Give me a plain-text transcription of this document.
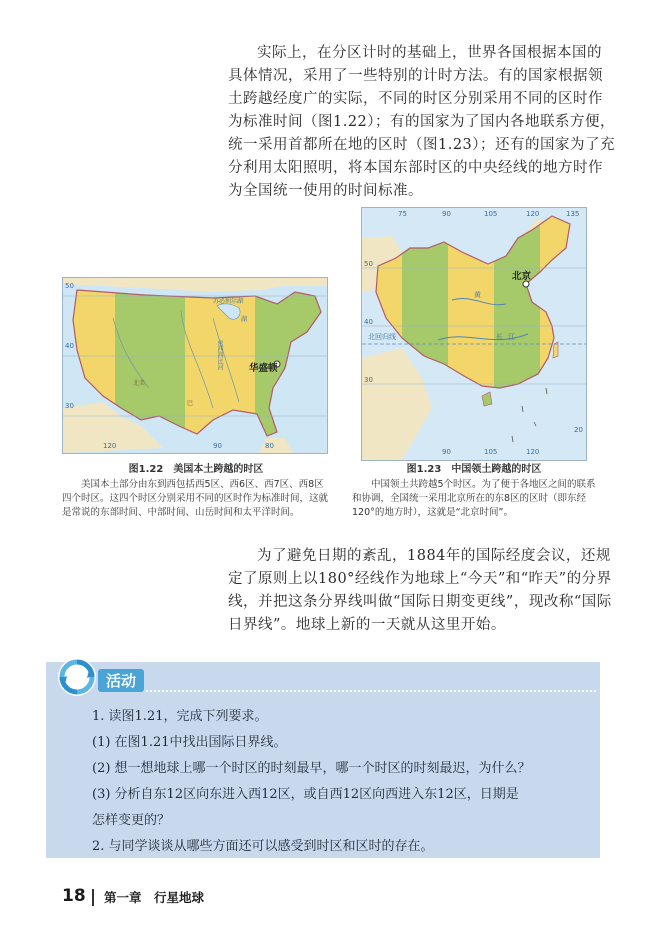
实际上，在分区计时的基础上，世界各国根据本国的具体情况，采用了一些特别的计时方法。有的国家根据领土跨越经度广的实际，不同的时区分别采用不同的区时作为标准时间（图1.22）；有的国家为了国内各地联系方便，统一采用首都所在地的区时（图1.23）；还有的国家为了充分利用太阳照明，将本国东部时区的中央经线的地方时作为全国统一使用的时间标准。

华盛顿
50
40
30
120	90	80
苏必利尔湖
密西西比河
湖
北美
巴
北京
北回归线
75	90	105	120	135
90	105	120
50
40
30
20
黄
长 江

图1.22　美国本土跨越的时区
美国本土部分由东到西包括西5区、西6区、西7区、西8区四个时区。这四个时区分别采用不同的区时作为标准时间，这就是常说的东部时间、中部时间、山岳时间和太平洋时间。

图1.23　中国领土跨越的时区
中国领土共跨越5个时区。为了便于各地区之间的联系和协调，全国统一采用北京所在的东8区的区时（即东经120°的地方时），这就是“北京时间”。

为了避免日期的紊乱，1884年的国际经度会议，还规定了原则上以180°经线作为地球上“今天”和“昨天”的分界线，并把这条分界线叫做“国际日期变更线”，现改称“国际日界线”。地球上新的一天就从这里开始。

活动
1. 读图1.21，完成下列要求。
(1) 在图1.21中找出国际日界线。
(2) 想一想地球上哪一个时区的时刻最早，哪一个时区的时刻最迟，为什么？
(3) 分析自东12区向东进入西12区，或自西12区向西进入东12区，日期是
怎样变更的？
2. 与同学谈谈从哪些方面还可以感受到时区和区时的存在。
18 第一章　行星地球
